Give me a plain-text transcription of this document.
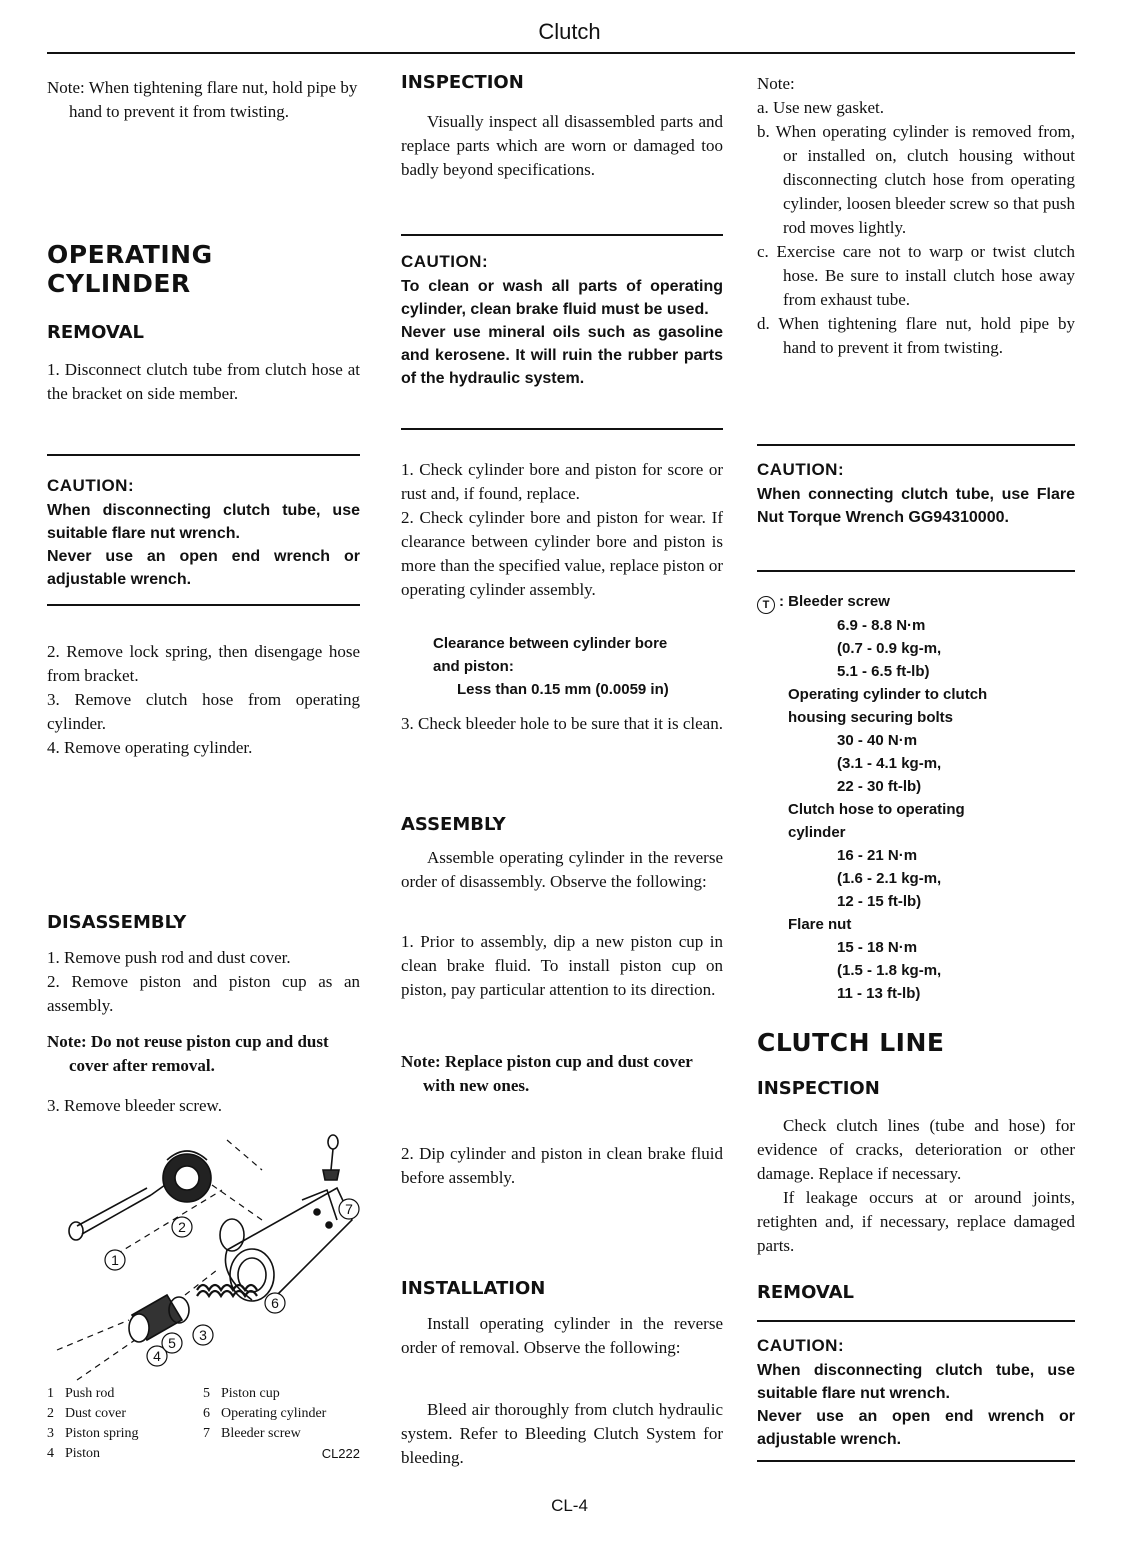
Clutch

Note: When tightening flare nut, hold pipe by hand to prevent it from twisting.

OPERATING
CYLINDER
REMOVAL

1. Disconnect clutch tube from clutch hose at the bracket on side member.

CAUTION:

When disconnecting clutch tube, use suitable flare nut wrench.

Never use an open end wrench or adjustable wrench.

2. Remove lock spring, then disengage hose from bracket.

3. Remove clutch hose from operating cylinder.

4. Remove operating cylinder.

DISASSEMBLY

1. Remove push rod and dust cover.

2. Remove piston and piston cup as an assembly.

Note: Do not reuse piston cup and dust cover after removal.

3. Remove bleeder screw.

1
2
3
4
5
6
7
1	Push rod	5	Piston cup
2	Dust cover	6	Operating cylinder
3	Piston spring	7	Bleeder screw
4	Piston		CL222
INSPECTION

Visually inspect all disassembled parts and replace parts which are worn or damaged too badly beyond specifications.

CAUTION:

To clean or wash all parts of operating cylinder, clean brake fluid must be used.

Never use mineral oils such as gasoline and kerosene. It will ruin the rubber parts of the hydraulic system.

1. Check cylinder bore and piston for score or rust and, if found, replace.

2. Check cylinder bore and piston for wear. If clearance between cylinder bore and piston is more than the specified value, replace piston or operating cylinder assembly.

Clearance between cylinder bore
and piston:
Less than 0.15 mm (0.0059 in)

3. Check bleeder hole to be sure that it is clean.

ASSEMBLY

Assemble operating cylinder in the reverse order of disassembly. Observe the following:

1. Prior to assembly, dip a new piston cup in clean brake fluid. To install piston cup on piston, pay particular attention to its direction.

Note: Replace piston cup and dust cover with new ones.

2. Dip cylinder and piston in clean brake fluid before assembly.

INSTALLATION

Install operating cylinder in the reverse order of removal. Observe the following:

Bleed air thoroughly from clutch hydraulic system. Refer to Bleeding Clutch System for bleeding.

Note:

a. Use new gasket.

b. When operating cylinder is removed from, or installed on, clutch housing without disconnecting clutch hose from operating cylinder, loosen bleeder screw so that push rod moves lightly.

c. Exercise care not to warp or twist clutch hose. Be sure to install clutch hose away from exhaust tube.

d. When tightening flare nut, hold pipe by hand to prevent it from twisting.

CAUTION:

When connecting clutch tube, use Flare Nut Torque Wrench GG94310000.

T : Bleeder screw
6.9 - 8.8 N·m
(0.7 - 0.9 kg-m,
5.1 - 6.5 ft-lb)
Operating cylinder to clutch housing securing bolts
30 - 40 N·m
(3.1 - 4.1 kg-m,
22 - 30 ft-lb)
Clutch hose to operating cylinder
16 - 21 N·m
(1.6 - 2.1 kg-m,
12 - 15 ft-lb)
Flare nut
15 - 18 N·m
(1.5 - 1.8 kg-m,
11 - 13 ft-lb)
CLUTCH LINE
INSPECTION

Check clutch lines (tube and hose) for evidence of cracks, deterioration or other damage. Replace if necessary.

If leakage occurs at or around joints, retighten and, if necessary, replace damaged parts.

REMOVAL
CAUTION:

When disconnecting clutch tube, use suitable flare nut wrench.

Never use an open end wrench or adjustable wrench.

CL-4
